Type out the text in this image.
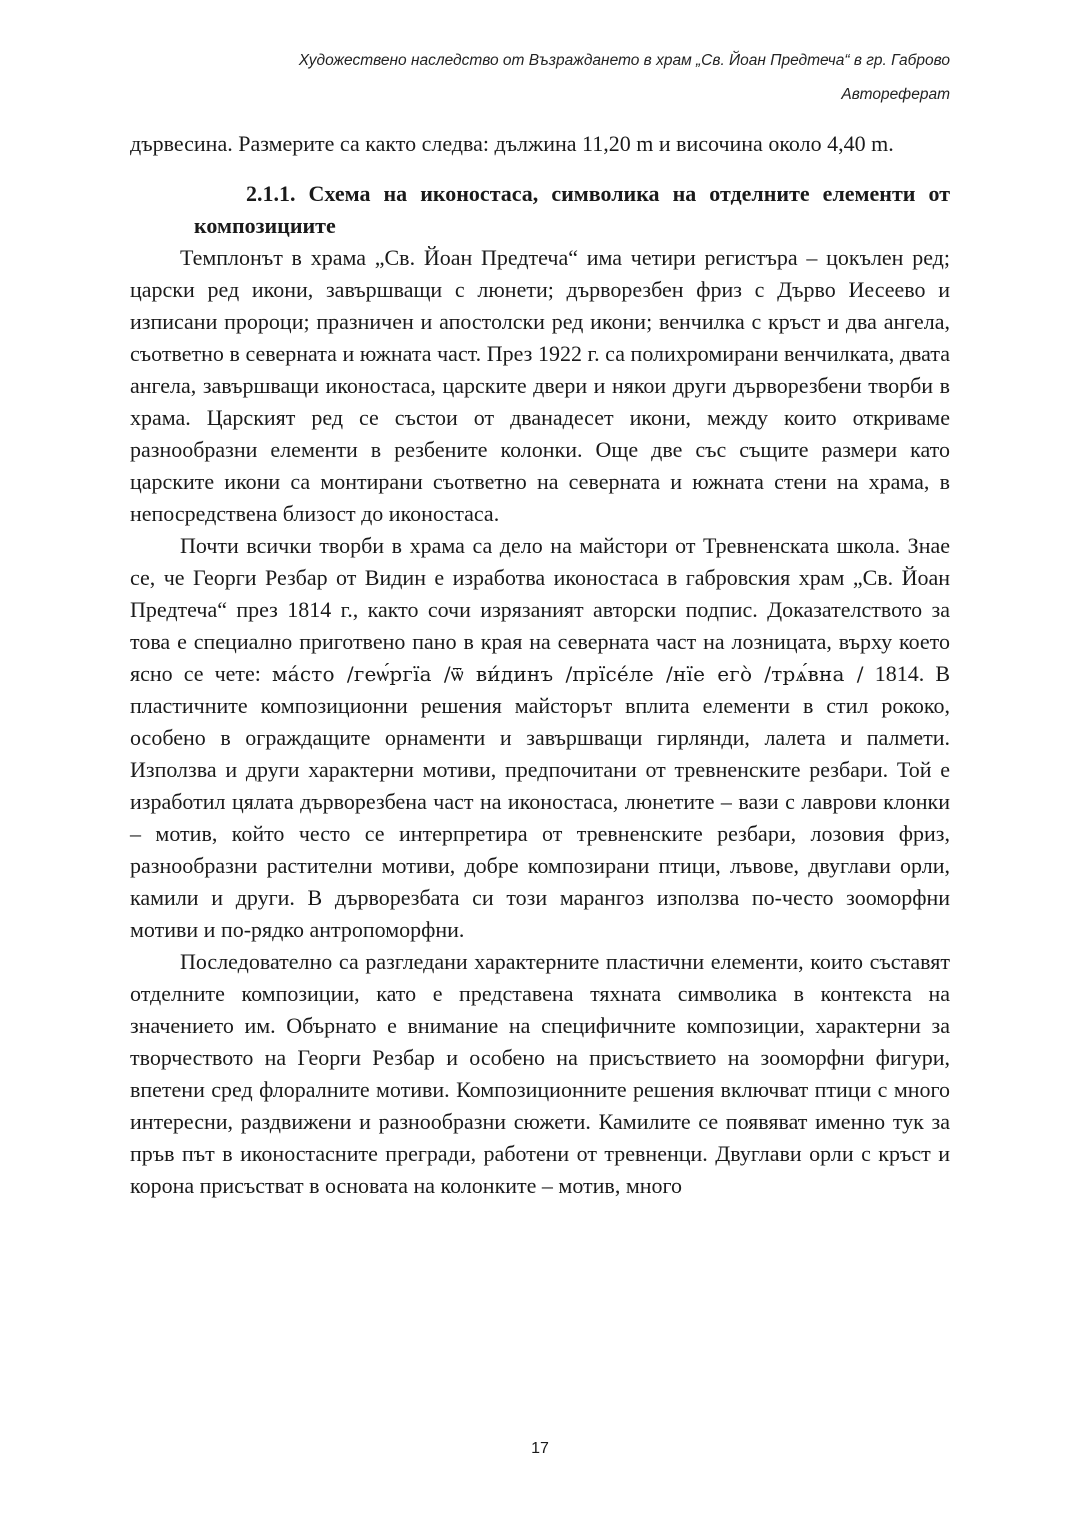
Художествено наследство от Възраждането в храм „Св. Йоан Предтеча“ в гр. Габрово
Автореферат

дървесина. Размерите са както следва: дължина 11,20 m и височина около 4,40 m.

2.1.1. Схема на иконостаса, символика на отделните елементи от композициите

Темплонът в храма „Св. Йоан Предтеча“ има четири регистъра – цокълен ред; царски ред икони, завършващи с люнети; дърворезбен фриз с Дърво Иесеево и изписани пророци; празничен и апостолски ред икони; венчилка с кръст и два ангела, съответно в северната и южната част. През 1922 г. са полихромирани венчилката, двата ангела, завършващи иконостаса, царските двери и някои други дърворезбени творби в храма. Царският ред се състои от дванадесет икони, между които откриваме разнообразни елементи в резбените колонки. Още две със същите размери като царските икони са монтирани съответно на северната и южната стени на храма, в непосредствена близост до иконостаса.

Почти всички творби в храма са дело на майстори от Тревненската школа. Знае се, че Георги Резбар от Видин е изработва иконостаса в габровския храм „Св. Йоан Предтеча“ през 1814 г., както сочи изрязаният авторски подпис. Доказателството за това е специално приготвено пано в края на северната част на лозницата, върху което ясно се чете: мáсто /геѡ́ргїа /ѿ ви́динъ /прїсе́ле /нїе его̀ /трѧ́вна / 1814. В пластичните композиционни решения майсторът вплита елементи в стил рококо, особено в ограждащите орнаменти и завършващи гирлянди, лалета и палмети. Използва и други характерни мотиви, предпочитани от тревненските резбари. Той е изработил цялата дърворезбена част на иконостаса, люнетите – вази с лаврови клонки – мотив, който често се интерпретира от тревненските резбари, лозовия фриз, разнообразни растителни мотиви, добре композирани птици, лъвове, двуглави орли, камили и други. В дърворезбата си този марангоз използва по-често зооморфни мотиви и по-рядко антропоморфни.

Последователно са разгледани характерните пластични елементи, които съставят отделните композиции, като е представена тяхната символика в контекста на значението им. Обърнато е внимание на специфичните композиции, характерни за творчеството на Георги Резбар и особено на присъствието на зооморфни фигури, впетени сред флоралните мотиви. Композиционните решения включват птици с много интересни, раздвижени и разнообразни сюжети. Камилите се появяват именно тук за пръв път в иконостасните прегради, работени от тревненци. Двуглави орли с кръст и корона присъстват в основата на колонките – мотив, много

17
